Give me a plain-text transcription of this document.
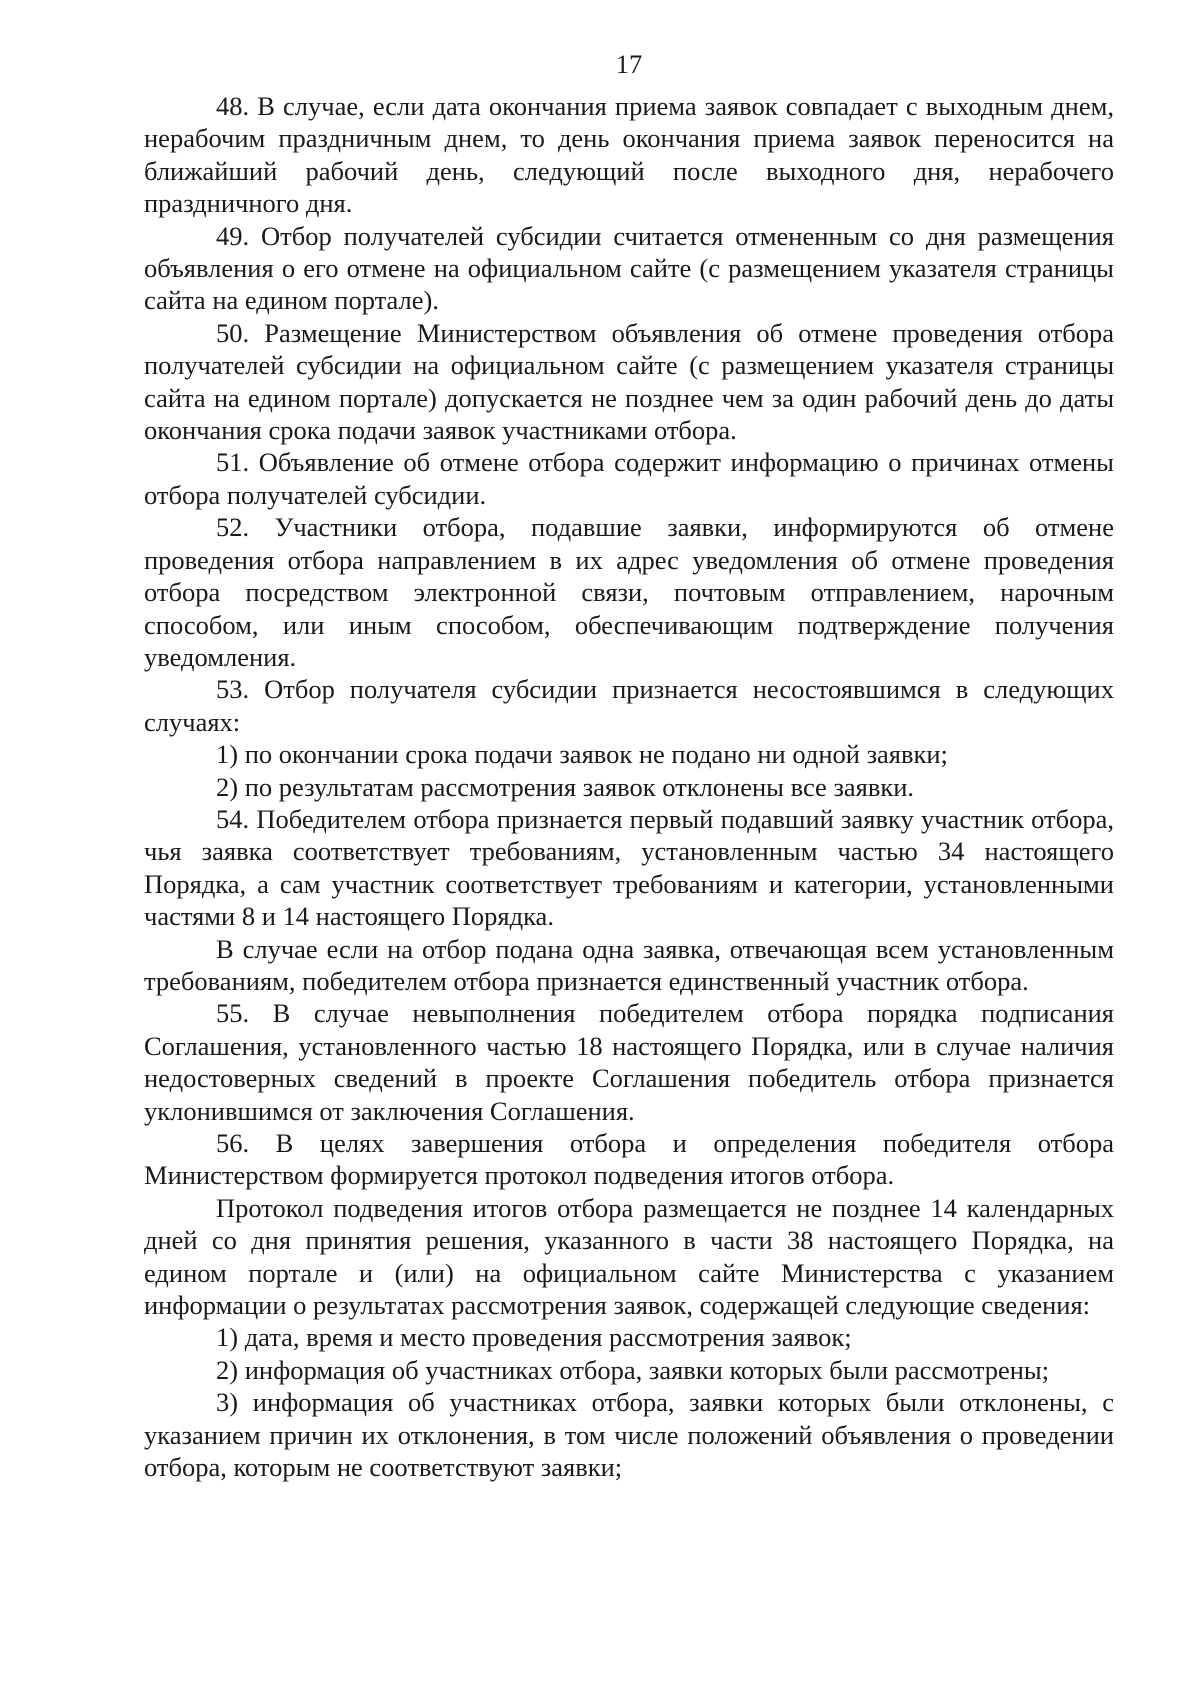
17

48. В случае, если дата окончания приема заявок совпадает с выходным днем, нерабочим праздничным днем, то день окончания приема заявок переносится на ближайший рабочий день, следующий после выходного дня, нерабочего праздничного дня.

49. Отбор получателей субсидии считается отмененным со дня размещения объявления о его отмене на официальном сайте (с размещением указателя страницы сайта на едином портале).

50. Размещение Министерством объявления об отмене проведения отбора получателей субсидии на официальном сайте (с размещением указателя страницы сайта на едином портале) допускается не позднее чем за один рабочий день до даты окончания срока подачи заявок участниками отбора.

51. Объявление об отмене отбора содержит информацию о причинах отмены отбора получателей субсидии.

52. Участники отбора, подавшие заявки, информируются об отмене проведения отбора направлением в их адрес уведомления об отмене проведения отбора посредством электронной связи, почтовым отправлением, нарочным способом, или иным способом, обеспечивающим подтверждение получения уведомления.

53. Отбор получателя субсидии признается несостоявшимся в следующих случаях:

1) по окончании срока подачи заявок не подано ни одной заявки;

2) по результатам рассмотрения заявок отклонены все заявки.

54. Победителем отбора признается первый подавший заявку участник отбора, чья заявка соответствует требованиям, установленным частью 34 настоящего Порядка, а сам участник соответствует требованиям и категории, установленными частями 8 и 14 настоящего Порядка.

В случае если на отбор подана одна заявка, отвечающая всем установленным требованиям, победителем отбора признается единственный участник отбора.

55. В случае невыполнения победителем отбора порядка подписания Соглашения, установленного частью 18 настоящего Порядка, или в случае наличия недостоверных сведений в проекте Соглашения победитель отбора признается уклонившимся от заключения Соглашения.

56. В целях завершения отбора и определения победителя отбора Министерством формируется протокол подведения итогов отбора.

Протокол подведения итогов отбора размещается не позднее 14 календарных дней со дня принятия решения, указанного в части 38 настоящего Порядка, на едином портале и (или) на официальном сайте Министерства с указанием информации о результатах рассмотрения заявок, содержащей следующие сведения:

1) дата, время и место проведения рассмотрения заявок;

2) информация об участниках отбора, заявки которых были рассмотрены;

3) информация об участниках отбора, заявки которых были отклонены, с указанием причин их отклонения, в том числе положений объявления о проведении отбора, которым не соответствуют заявки;
